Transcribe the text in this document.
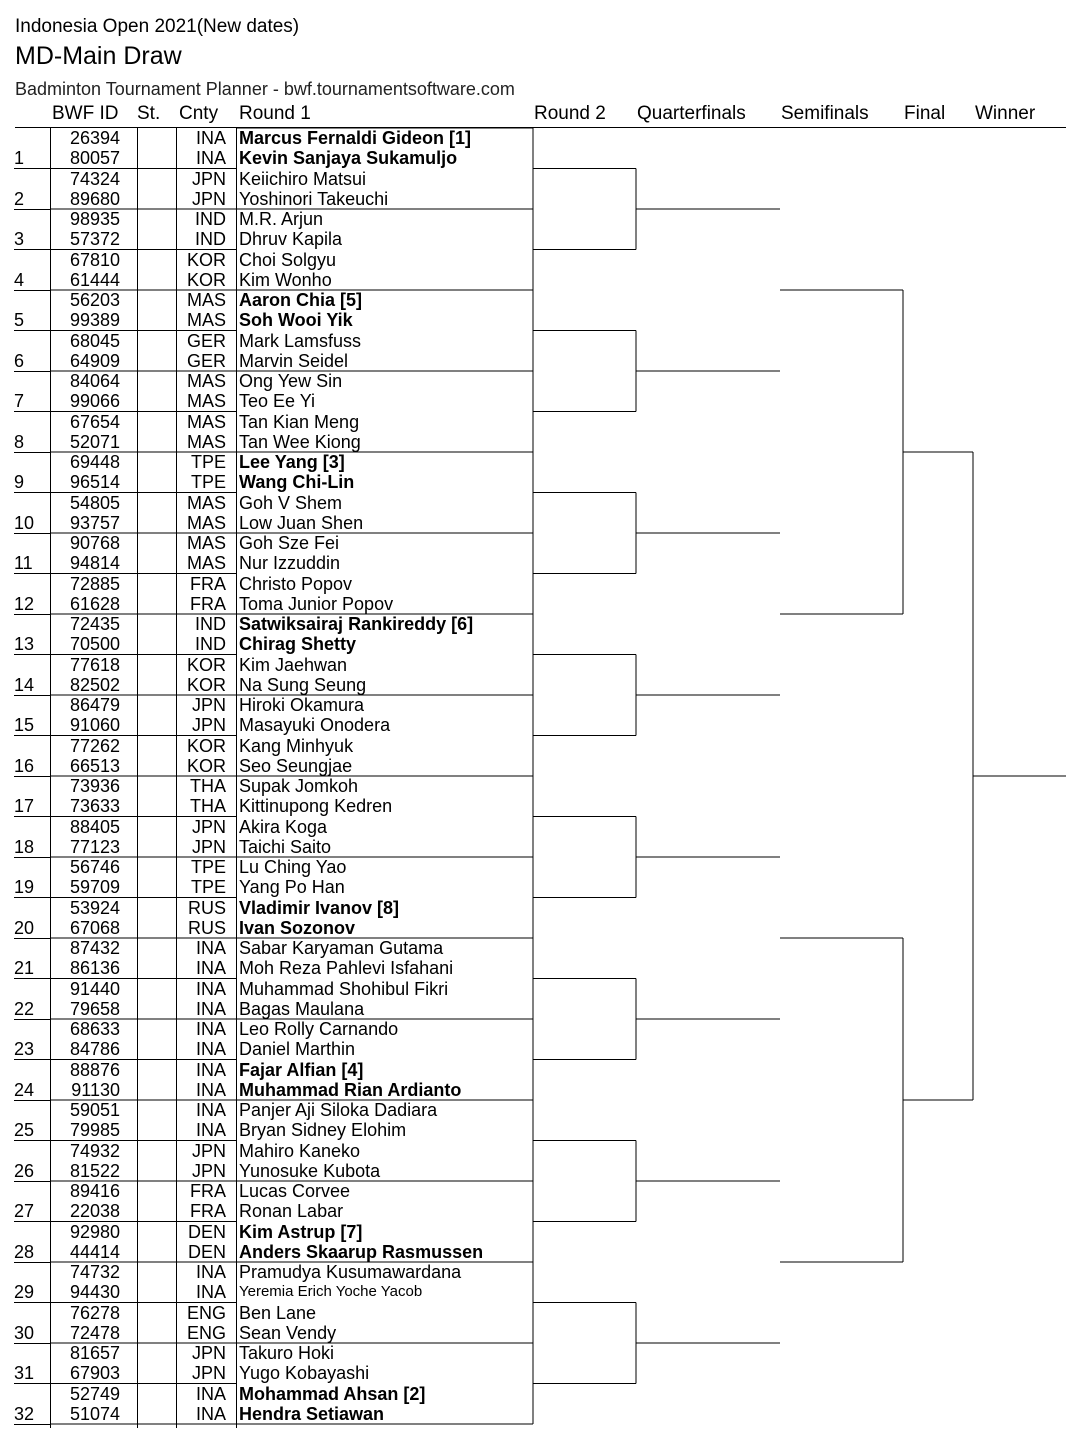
Indonesia Open 2021(New dates)
MD-Main Draw
Badminton Tournament Planner - bwf.tournamentsoftware.com
BWF ID St. Cnty Round 1	Round 2 Quarterfinals Semifinals Final Winner
1
26394	INA Marcus Fernaldi Gideon [1]
80057	INA Kevin Sanjaya Sukamuljo
2
74324	JPN Keiichiro Matsui
89680	JPN Yoshinori Takeuchi
3
98935	IND M.R. Arjun
57372	IND Dhruv Kapila
4
67810	KOR Choi Solgyu
61444	KOR Kim Wonho
5
56203	MAS Aaron Chia [5]
99389	MAS Soh Wooi Yik
6
68045	GER Mark Lamsfuss
64909	GER Marvin Seidel
7
84064	MAS Ong Yew Sin
99066	MAS Teo Ee Yi
8
67654	MAS Tan Kian Meng
52071	MAS Tan Wee Kiong
9
69448	TPE Lee Yang [3]
96514	TPE Wang Chi-Lin
10
54805	MAS Goh V Shem
93757	MAS Low Juan Shen
11
90768	MAS Goh Sze Fei
94814	MAS Nur Izzuddin
12
72885	FRA Christo Popov
61628	FRA Toma Junior Popov
13
72435	IND Satwiksairaj Rankireddy [6]
70500	IND Chirag Shetty
14
77618	KOR Kim Jaehwan
82502	KOR Na Sung Seung
15
86479	JPN Hiroki Okamura
91060	JPN Masayuki Onodera
16
77262	KOR Kang Minhyuk
66513	KOR Seo Seungjae
17
73936	THA Supak Jomkoh
73633	THA Kittinupong Kedren
18
88405	JPN Akira Koga
77123	JPN Taichi Saito
19
56746	TPE Lu Ching Yao
59709	TPE Yang Po Han
20
53924	RUS Vladimir Ivanov [8]
67068	RUS Ivan Sozonov
21
87432	INA Sabar Karyaman Gutama
86136	INA Moh Reza Pahlevi Isfahani
22
91440	INA Muhammad Shohibul Fikri
79658	INA Bagas Maulana
23
68633	INA Leo Rolly Carnando
84786	INA Daniel Marthin
24
88876	INA Fajar Alfian [4]
91130	INA Muhammad Rian Ardianto
25
59051	INA Panjer Aji Siloka Dadiara
79985	INA Bryan Sidney Elohim
26
74932	JPN Mahiro Kaneko
81522	JPN Yunosuke Kubota
27
89416	FRA Lucas Corvee
22038	FRA Ronan Labar
28
92980	DEN Kim Astrup [7]
44414	DEN Anders Skaarup Rasmussen
29
74732	INA Pramudya Kusumawardana
94430	INA Yeremia Erich Yoche Yacob
30
76278	ENG Ben Lane
72478	ENG Sean Vendy
31
81657	JPN Takuro Hoki
67903	JPN Yugo Kobayashi
32
52749	INA Mohammad Ahsan [2]
51074	INA Hendra Setiawan
